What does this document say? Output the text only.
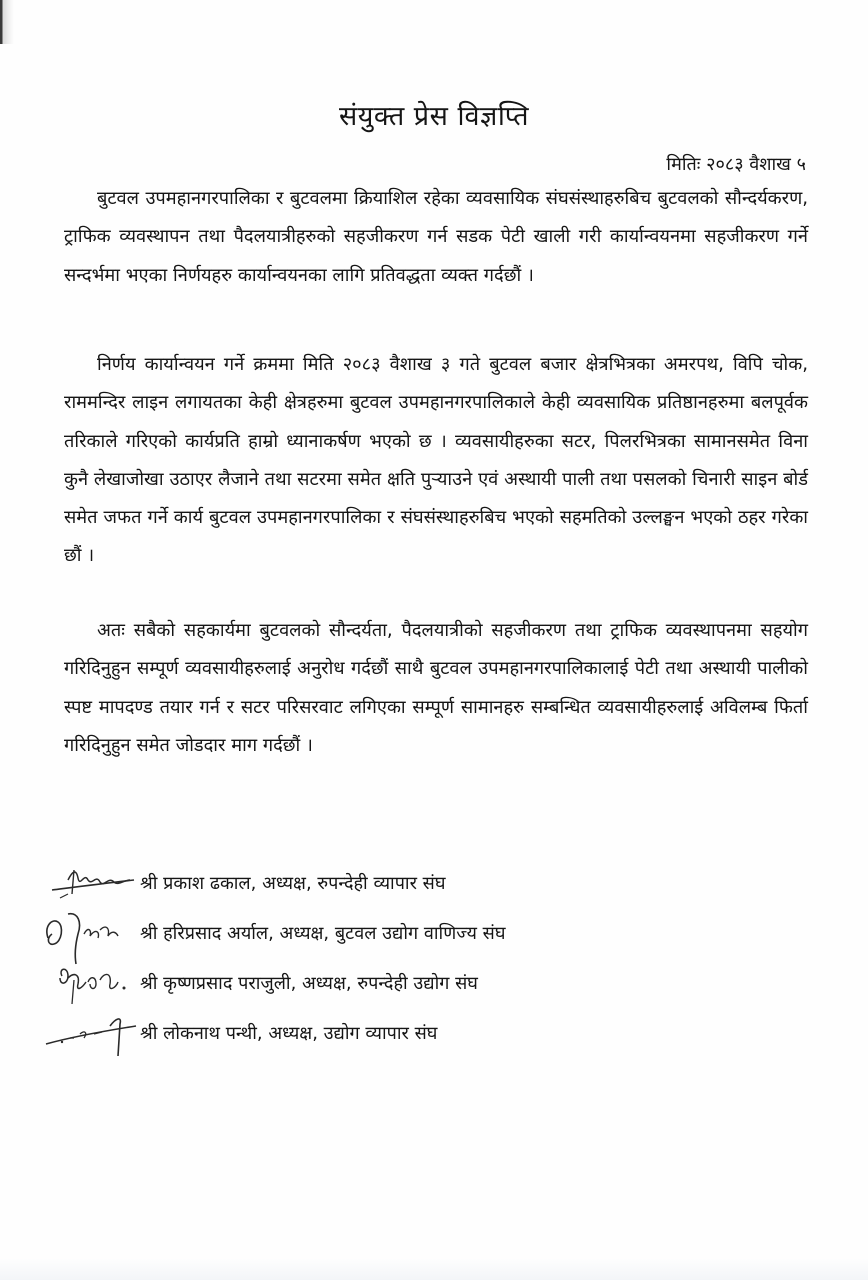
संयुक्त प्रेस विज्ञप्ति
मितिः २०८३ वैशाख ५

बुटवल उपमहानगरपालिका र बुटवलमा क्रियाशिल रहेका व्यवसायिक संघसंस्थाहरुबिच बुटवलको सौन्दर्यकरण, ट्राफिक व्यवस्थापन तथा पैदलयात्रीहरुको सहजीकरण गर्न सडक पेटी खाली गरी कार्यान्वयनमा सहजीकरण गर्ने सन्दर्भमा भएका निर्णयहरु कार्यान्वयनका लागि प्रतिवद्धता व्यक्त गर्दछौं ।

निर्णय कार्यान्वयन गर्ने क्रममा मिति २०८३ वैशाख ३ गते बुटवल बजार क्षेत्रभित्रका अमरपथ, विपि चोक, राममन्दिर लाइन लगायतका केही क्षेत्रहरुमा बुटवल उपमहानगरपालिकाले केही व्यवसायिक प्रतिष्ठानहरुमा बलपूर्वक तरिकाले गरिएको कार्यप्रति हाम्रो ध्यानाकर्षण भएको छ । व्यवसायीहरुका सटर, पिलरभित्रका सामानसमेत विना कुनै लेखाजोखा उठाएर लैजाने तथा सटरमा समेत क्षति पुऱ्याउने एवं अस्थायी पाली तथा पसलको चिनारी साइन बोर्ड समेत जफत गर्ने कार्य बुटवल उपमहानगरपालिका र संघसंस्थाहरुबिच भएको सहमतिको उल्लङ्घन भएको ठहर गरेका छौं ।

अतः सबैको सहकार्यमा बुटवलको सौन्दर्यता, पैदलयात्रीको सहजीकरण तथा ट्राफिक व्यवस्थापनमा सहयोग गरिदिनुहुन सम्पूर्ण व्यवसायीहरुलाई अनुरोध गर्दछौं साथै बुटवल उपमहानगरपालिकालाई पेटी तथा अस्थायी पालीको स्पष्ट मापदण्ड तयार गर्न र सटर परिसरवाट लगिएका सम्पूर्ण सामानहरु सम्बन्धित व्यवसायीहरुलाई अविलम्ब फिर्ता गरिदिनुहुन समेत जोडदार माग गर्दछौं ।

श्री प्रकाश ढकाल, अध्यक्ष, रुपन्देही व्यापार संघ
श्री हरिप्रसाद अर्याल, अध्यक्ष, बुटवल उद्योग वाणिज्य संघ
श्री कृष्णप्रसाद पराजुली, अध्यक्ष, रुपन्देही उद्योग संघ
श्री लोकनाथ पन्थी, अध्यक्ष, उद्योग व्यापार संघ
